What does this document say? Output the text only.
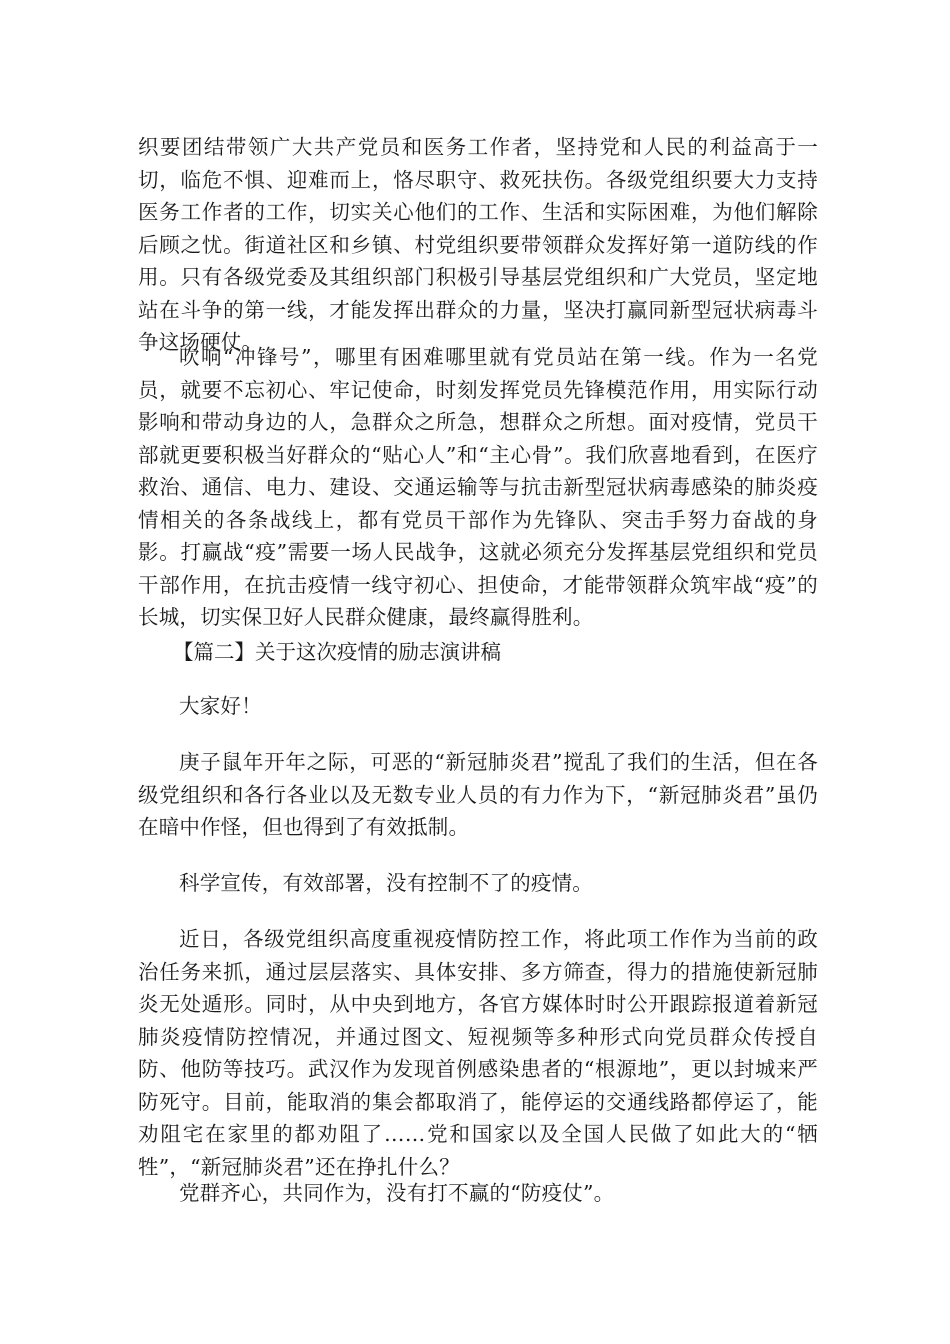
织要团结带领广大共产党员和医务工作者，坚持党和人民的利益高于一切，临危不惧、迎难而上，恪尽职守、救死扶伤。各级党组织要大力支持医务工作者的工作，切实关心他们的工作、生活和实际困难，为他们解除后顾之忧。街道社区和乡镇、村党组织要带领群众发挥好第一道防线的作用。只有各级党委及其组织部门积极引导基层党组织和广大党员，坚定地站在斗争的第一线，才能发挥出群众的力量，坚决打赢同新型冠状病毒斗争这场硬仗。

吹响“冲锋号”，哪里有困难哪里就有党员站在第一线。作为一名党员，就要不忘初心、牢记使命，时刻发挥党员先锋模范作用，用实际行动影响和带动身边的人，急群众之所急，想群众之所想。面对疫情，党员干部就更要积极当好群众的“贴心人”和“主心骨”。我们欣喜地看到，在医疗救治、通信、电力、建设、交通运输等与抗击新型冠状病毒感染的肺炎疫情相关的各条战线上，都有党员干部作为先锋队、突击手努力奋战的身影。打赢战“疫”需要一场人民战争，这就必须充分发挥基层党组织和党员干部作用，在抗击疫情一线守初心、担使命，才能带领群众筑牢战“疫”的长城，切实保卫好人民群众健康，最终赢得胜利。

【篇二】关于这次疫情的励志演讲稿

大家好！

庚子鼠年开年之际，可恶的“新冠肺炎君”搅乱了我们的生活，但在各级党组织和各行各业以及无数专业人员的有力作为下，“新冠肺炎君”虽仍在暗中作怪，但也得到了有效抵制。

科学宣传，有效部署，没有控制不了的疫情。

近日，各级党组织高度重视疫情防控工作，将此项工作作为当前的政治任务来抓，通过层层落实、具体安排、多方筛查，得力的措施使新冠肺炎无处遁形。同时，从中央到地方，各官方媒体时时公开跟踪报道着新冠肺炎疫情防控情况，并通过图文、短视频等多种形式向党员群众传授自防、他防等技巧。武汉作为发现首例感染患者的“根源地”，更以封城来严防死守。目前，能取消的集会都取消了，能停运的交通线路都停运了，能劝阻宅在家里的都劝阻了……党和国家以及全国人民做了如此大的“牺牲”，“新冠肺炎君”还在挣扎什么？

党群齐心，共同作为，没有打不赢的“防疫仗”。
